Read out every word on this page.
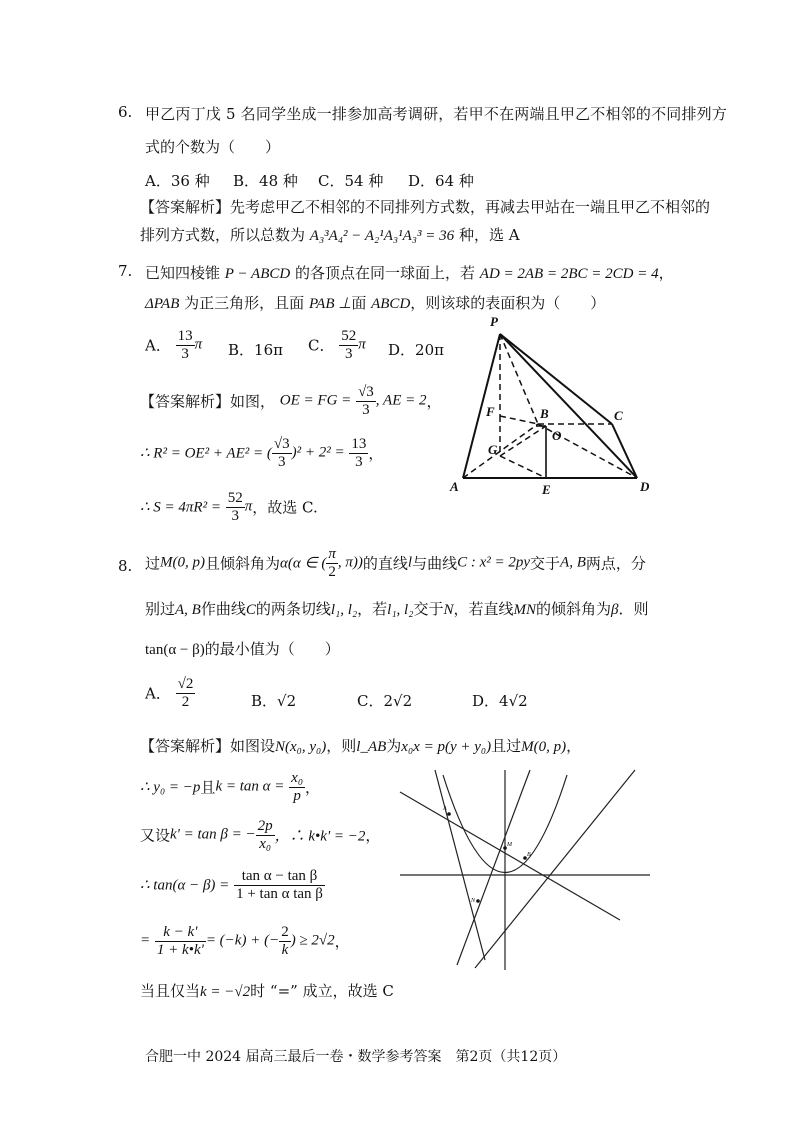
6. 甲乙丙丁戊 5 名同学坐成一排参加高考调研，若甲不在两端且甲乙不相邻的不同排列方
式的个数为（　　）
A．36 种 B．48 种 C．54 种 D．64 种
【答案解析】先考虑甲乙不相邻的不同排列方式数，再减去甲站在一端且甲乙不相邻的
排列方式数，所以总数为 A₃³A₄² − A₂¹A₃¹A₃³ = 36 种，选 A
7. 已知四棱锥 P − ABCD 的各顶点在同一球面上，若 AD = 2AB = 2BC = 2CD = 4，
ΔPAB 为正三角形，且面 PAB ⊥面 ABCD，则该球的表面积为（　　）
A． $\frac{13}{3}$ π B．16π C． $\frac{52}{3}$ π D．20π
【答案解析】如图， OE = FG = $\frac{√3}{3}$ , AE = 2，
∴ R² = OE² + AE² = ( $\frac{√3}{3} )^2 + 2^2 = \frac{13}{3}$ ，
∴ $S = 4\pi R^2 = \frac{52}{3}$ π，故选 C.
P
A
B	C
D
E
F
G
O
8. 过M(0, p)且倾斜角为α(α ∈ ( $\frac{\pi}{2}$ , π))的直线l与曲线C : x² = 2py交于A, B两点，分
别过A, B作曲线C的两条切线l₁, l₂，若l₁, l₂交于N，若直线MN的倾斜角为β．则
tan(α − β)的最小值为（　　）
A． $\frac{√2}{2}$	B．√2	C．2√2	D．4√2
【答案解析】如图设N(x₀, y₀)，则l_AB为x₀x = p(y + y₀)且过M(0, p)，
∴ y₀ = −p且$k = \tan \alpha = \frac{\text{x₀}}{p}$ ，
又设k' = tan β = − $\frac{2p}{\text{x₀}}$ ，∴ k•k' = −2，
∴ $\tan(\alpha - \beta) = \frac{\text{tan α − tan β}}{\text{1 + tan α tan β}}$
= $\frac{k - k'}{1 + k•k'} = (-k)$ + (− $\frac{2}{k}$ ) ≥ 2√2，
当且仅当k = −√2时 “=” 成立，故选 C
A
M
B
N
合肥一中 2024 届高三最后一卷・数学参考答案　第2页（共12页）
